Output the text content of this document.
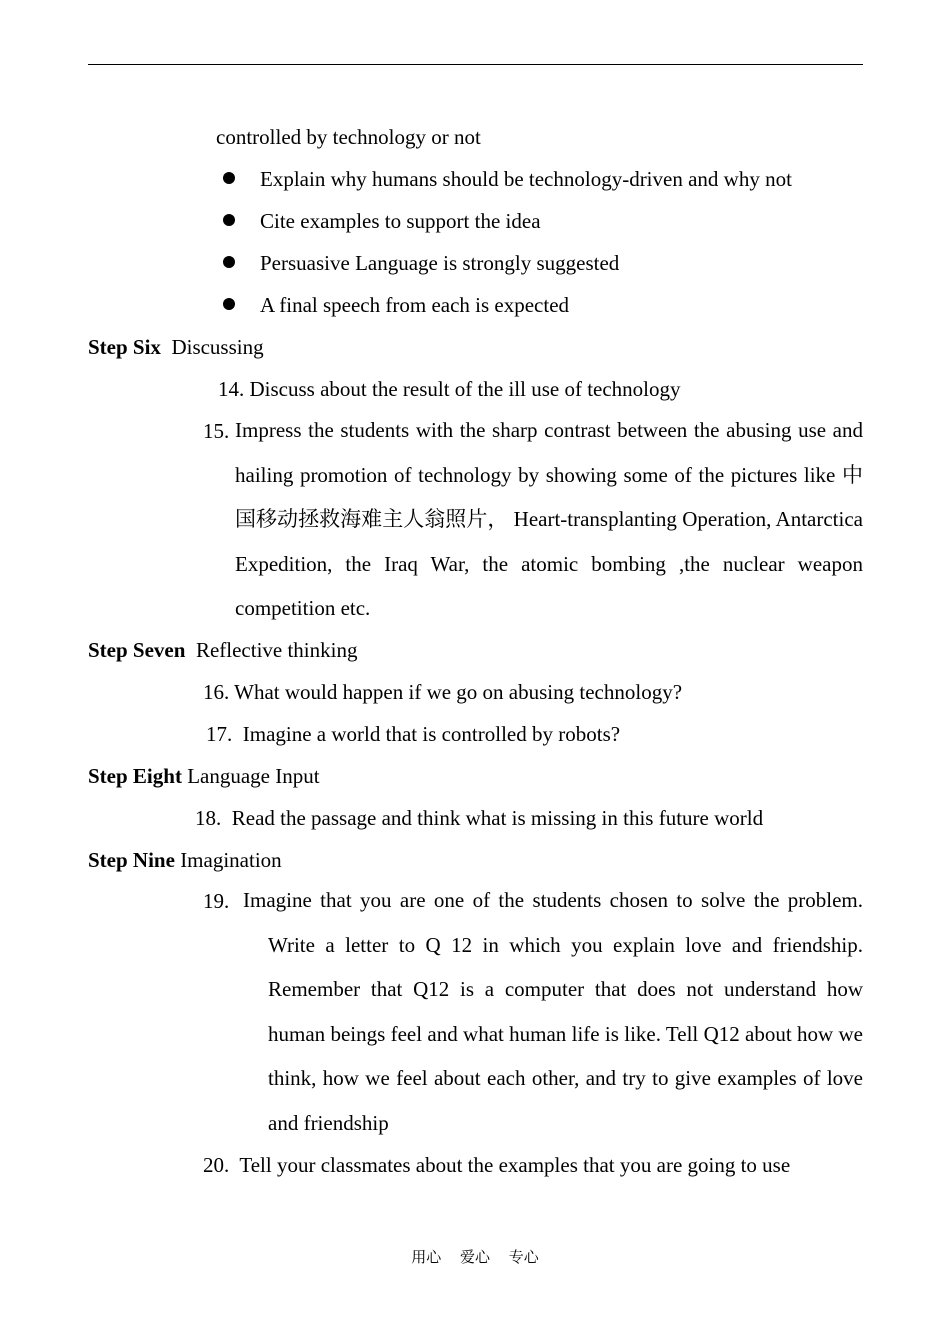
controlled by technology or not
Explain why humans should be technology-driven and why not
Cite examples to support the idea
Persuasive Language is strongly suggested
A final speech from each is expected
Step Six Discussing
14. Discuss about the result of the ill use of technology
15. Impress the students with the sharp contrast between the abusing use and hailing promotion of technology by showing some of the pictures like 中国移动拯救海难主人翁照片， Heart-transplanting Operation, Antarctica Expedition, the Iraq War, the atomic bombing ,the nuclear weapon competition etc.
Step Seven Reflective thinking
16. What would happen if we go on abusing technology?
17. Imagine a world that is controlled by robots?
Step Eight Language Input
18. Read the passage and think what is missing in this future world
Step Nine Imagination
19. Imagine that you are one of the students chosen to solve the problem. Write a letter to Q 12 in which you explain love and friendship. Remember that Q12 is a computer that does not understand how human beings feel and what human life is like. Tell Q12 about how we think, how we feel about each other, and try to give examples of love and friendship
20. Tell your classmates about the examples that you are going to use
用心 爱心 专心
